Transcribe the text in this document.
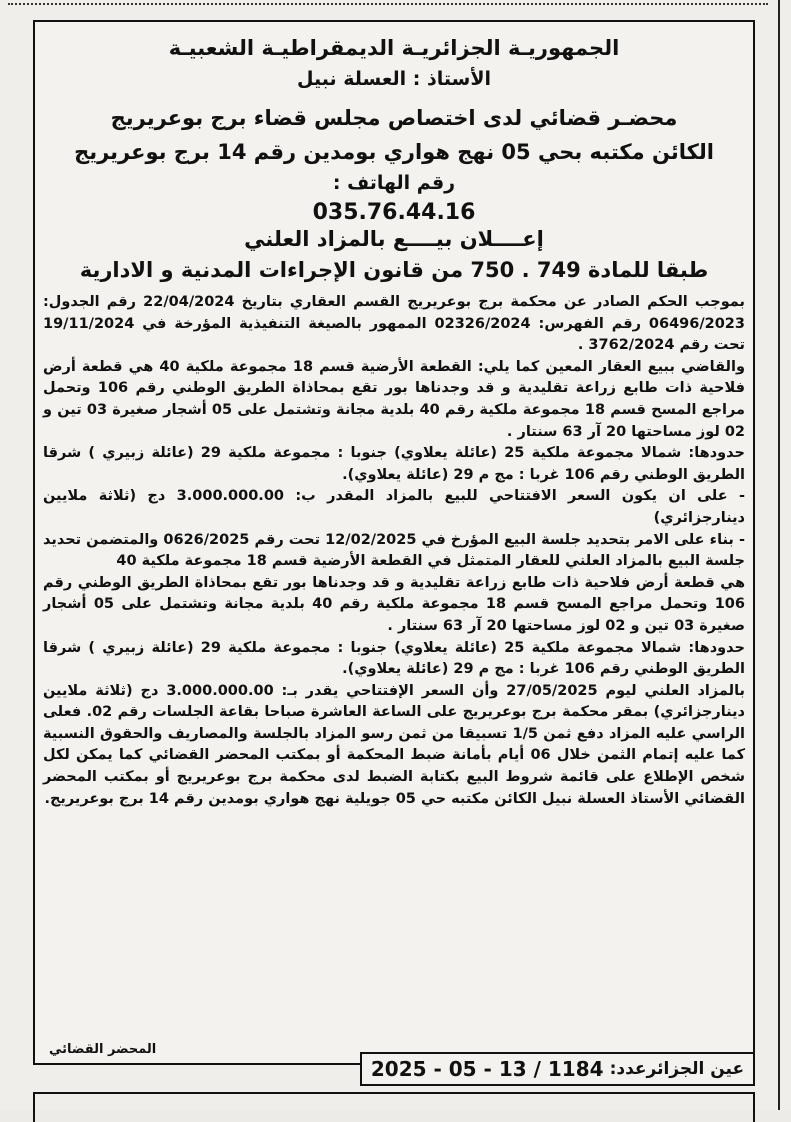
الجمهوريـة الجزائريـة الديمقراطيـة الشعبيـة
الأستاذ : العسلة نبيل
محضـر قضائي لدى اختصاص مجلس قضاء برج بوعريريج
الكائن مكتبه بحي 05 نهج هواري بومدين رقم 14 برج بوعريريج
رقم الهاتف :
035.76.44.16
إعــــلان بيــــع بالمزاد العلني
طبقا للمادة 749 . 750 من قانون الإجراءات المدنية و الادارية

بموجب الحكم الصادر عن محكمة برج بوعريريج القسم العقاري بتاريخ 22/04/2024 رقم الجدول: 06496/2023 رقم الفهرس: 02326/2024 الممهور بالصيغة التنفيذية المؤرخة في 19/11/2024 تحت رقم 3762/2024 .

والقاضي ببيع العقار المعين كما يلي: القطعة الأرضية قسم 18 مجموعة ملكية 40 هي قطعة أرض فلاحية ذات طابع زراعة تقليدية و قد وجدناها بور تقع بمحاذاة الطريق الوطني رقم 106 وتحمل مراجع المسح قسم 18 مجموعة ملكية رقم 40 بلدية مجانة وتشتمل على 05 أشجار صغيرة 03 تين و 02 لوز مساحتها 20 آر 63 سنتار .

حدودها: شمالا مجموعة ملكية 25 (عائلة يعلاوي) جنوبا : مجموعة ملكية 29 (عائلة زبيري ) شرقا الطريق الوطني رقم 106 غربا : مج م 29 (عائلة يعلاوي).

- على ان يكون السعر الافتتاحي للبيع بالمزاد المقدر ب: 3.000.000.00 دج (ثلاثة ملايين دينارجزائري)

- بناء على الامر بتحديد جلسة البيع المؤرخ في 12/02/2025 تحت رقم 0626/2025 والمتضمن تحديد جلسة البيع بالمزاد العلني للعقار المتمثل في القطعة الأرضية قسم 18 مجموعة ملكية 40

هي قطعة أرض فلاحية ذات طابع زراعة تقليدية و قد وجدناها بور تقع بمحاذاة الطريق الوطني رقم 106 وتحمل مراجع المسح قسم 18 مجموعة ملكية رقم 40 بلدية مجانة وتشتمل على 05 أشجار صغيرة 03 تين و 02 لوز مساحتها 20 آر 63 سنتار .

حدودها: شمالا مجموعة ملكية 25 (عائلة يعلاوي) جنوبا : مجموعة ملكية 29 (عائلة زبيري ) شرقا الطريق الوطني رقم 106 غربا : مج م 29 (عائلة يعلاوي).

بالمزاد العلني ليوم 27/05/2025 وأن السعر الإفتتاحي يقدر بـ: 3.000.000.00 دج (ثلاثة ملايين دينارجزائري) بمقر محكمة برج بوعريريج على الساعة العاشرة صباحا بقاعة الجلسات رقم 02. فعلى الراسي عليه المزاد دفع ثمن 1/5 تسبيقا من ثمن رسو المزاد بالجلسة والمصاريف والحقوق النسبية كما عليه إتمام الثمن خلال 06 أيام بأمانة ضبط المحكمة أو بمكتب المحضر القضائي كما يمكن لكل شخص الإطلاع على قائمة شروط البيع بكتابة الضبط لدى محكمة برج بوعريريج أو بمكتب المحضر القضائي الأستاذ العسلة نبيل الكائن مكتبه حي 05 جويلية نهج هواري بومدين رقم 14 برج بوعريريج.

المحضر القضائي
عين الجزائرعدد:
2025 - 05 - 13 / 1184
